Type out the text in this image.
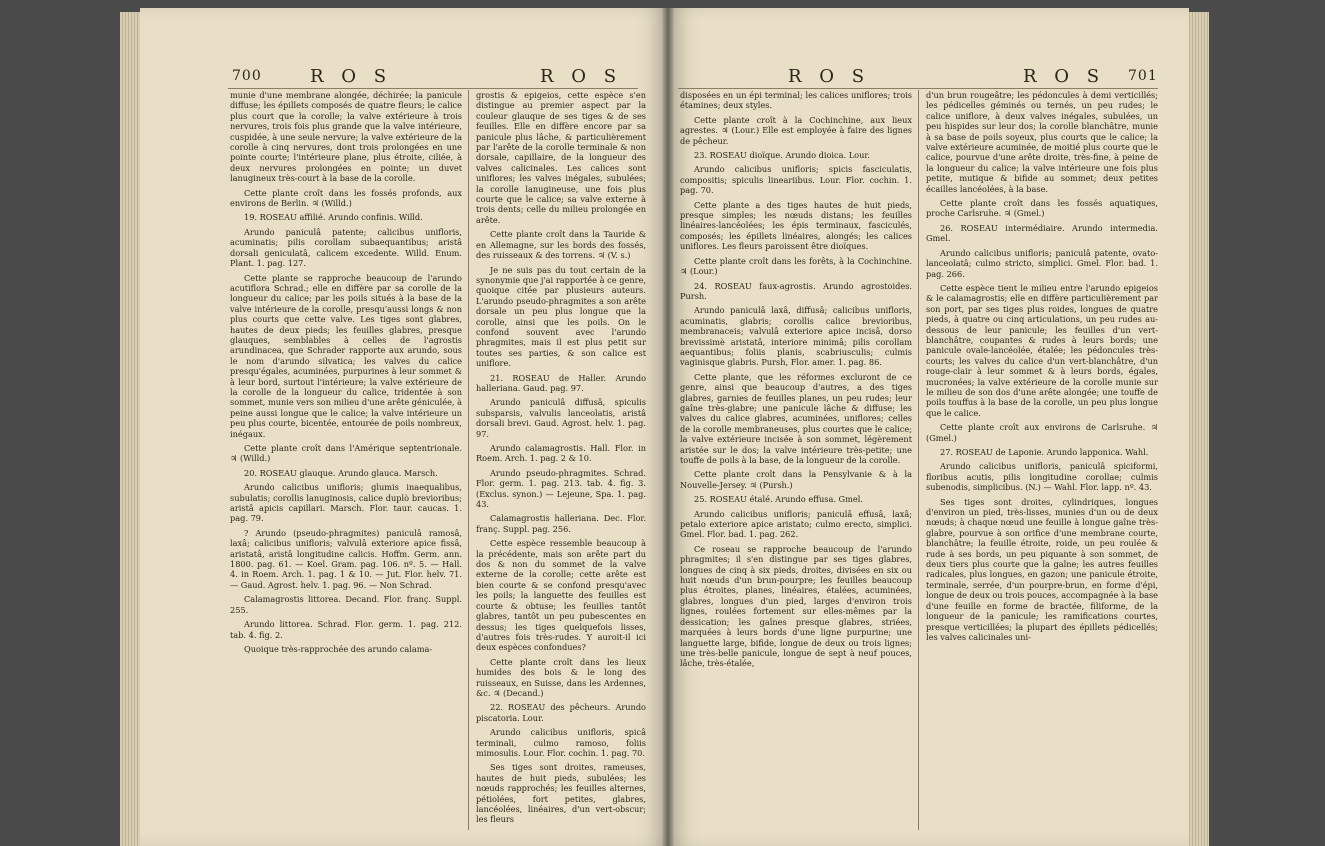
700	R O S	R O S

munie d'une membrane alongée, déchirée; la panicule diffuse; les épillets composés de quatre fleurs; le calice plus court que la corolle; la valve extérieure à trois nervures, trois fois plus grande que la valve intérieure, cuspidée, à une seule nervure; la valve extérieure de la corolle à cinq nervures, dont trois prolongées en une pointe courte; l'intérieure plane, plus étroite, ciliée, à deux nervures prolongées en pointe; un duvet lanugineux très-court à la base de la corolle.

Cette plante croît dans les fossés profonds, aux environs de Berlin. ♃ (Willd.)

19. ROSEAU affilié. Arundo confinis. Willd.

Arundo paniculâ patente; calicibus unifloris, acuminatis; pilis corollam subaequantibus; aristâ dorsali geniculatâ, calicem excedente. Willd. Enum. Plant. 1. pag. 127.

Cette plante se rapproche beaucoup de l'arundo acutiflora Schrad.; elle en diffère par sa corolle de la longueur du calice; par les poils situés à la base de la valve intérieure de la corolle, presqu'aussi longs & non plus courts que cette valve. Les tiges sont glabres, hautes de deux pieds; les feuilles glabres, presque glauques, semblables à celles de l'agrostis arundinacea, que Schrader rapporte aux arundo, sous le nom d'arundo silvatica; les valves du calice presqu'égales, acuminées, purpurines à leur sommet & à leur bord, surtout l'intérieure; la valve extérieure de la corolle de la longueur du calice, tridentée à son sommet, munie vers son milieu d'une arête géniculée, à peine aussi longue que le calice; la valve intérieure un peu plus courte, bicentée, entourée de poils nombreux, inégaux.

Cette plante croît dans l'Amérique septentrionale. ♃ (Willd.)

20. ROSEAU glauque. Arundo glauca. Marsch.

Arundo calicibus unifloris; glumis inaequalibus, subulatis; corollis lanuginosis, calice duplò brevioribus; aristâ apicis capillari. Marsch. Flor. taur. caucas. 1. pag. 79.

? Arundo (pseudo-phragmites) paniculâ ramosâ, laxâ; calicibus unifloris; valvulâ exteriore apice fissâ, aristatâ, aristâ longitudine calicis. Hoffm. Germ. ann. 1800. pag. 61. — Koel. Gram. pag. 106. nº. 5. — Hall. 4. in Roem. Arch. 1. pag. 1 & 10. — Jut. Flor. helv. 71. — Gaud. Agrost. helv. 1. pag. 96. — Non Schrad.

Calamagrostis littorea. Decand. Flor. franç. Suppl. 255.

Arundo littorea. Schrad. Flor. germ. 1. pag. 212. tab. 4. fig. 2.

Quoique très-rapprochée des arundo calama-

grostis & epigeios, cette espèce s'en distingue au premier aspect par la couleur glauque de ses tiges & de ses feuilles. Elle en diffère encore par sa panicule plus lâche, & particulièrement par l'arête de la corolle terminale & non dorsale, capillaire, de la longueur des valves calicinales. Les calices sont uniflores; les valves inégales, subulées; la corolle lanugineuse, une fois plus courte que le calice; sa valve externe à trois dents; celle du milieu prolongée en arête.

Cette plante croît dans la Tauride & en Allemagne, sur les bords des fossés, des ruisseaux & des torrens. ♃ (V. s.)

Je ne suis pas du tout certain de la synonymie que j'ai rapportée à ce genre, quoique citée par plusieurs auteurs. L'arundo pseudo-phragmites a son arête dorsale un peu plus longue que la corolle, ainsi que les poils. On le confond souvent avec l'arundo phragmites, mais il est plus petit sur toutes ses parties, & son calice est uniflore.

21. ROSEAU de Haller. Arundo halleriana. Gaud. pag. 97.

Arundo paniculâ diffusâ, spiculis subsparsis, valvulis lanceolatis, aristâ dorsali brevi. Gaud. Agrost. helv. 1. pag. 97.

Arundo calamagrostis. Hall. Flor. in Roem. Arch. 1. pag. 2 & 10.

Arundo pseudo-phragmites. Schrad. Flor. germ. 1. pag. 213. tab. 4. fig. 3. (Exclus. synon.) — Lejeune, Spa. 1. pag. 43.

Calamagrostis halleriana. Dec. Flor. franç. Suppl. pag. 256.

Cette espèce ressemble beaucoup à la précédente, mais son arête part du dos & non du sommet de la valve externe de la corolle; cette arête est bien courte & se confond presqu'avec les poils; la languette des feuilles est courte & obtuse; les feuilles tantôt glabres, tantôt un peu pubescentes en dessus; les tiges quelquefois lisses, d'autres fois très-rudes. Y auroit-il ici deux espèces confondues?

Cette plante croît dans les lieux humides des bois & le long des ruisseaux, en Suisse, dans les Ardennes, &c. ♃ (Decand.)

22. ROSEAU des pêcheurs. Arundo piscatoria. Lour.

Arundo calicibus unifloris, spicâ terminali, culmo ramoso, foliis mimosulis. Lour. Flor. cochin. 1. pag. 70.

Ses tiges sont droites, rameuses, hautes de huit pieds, subulées; les nœuds rapprochés; les feuilles alternes, pétiolées, fort petites, glabres, lancéolées, linéaires, d'un vert-obscur; les fleurs

R O S	R O S 701

disposées en un épi terminal; les calices uniflores; trois étamines; deux styles.

Cette plante croît à la Cochinchine, aux lieux agrestes. ♃ (Lour.) Elle est employée à faire des lignes de pêcheur.

23. ROSEAU dioïque. Arundo dioica. Lour.

Arundo calicibus unifloris; spicis fasciculatis, compositis; spiculis lineariibus. Lour. Flor. cochin. 1. pag. 70.

Cette plante a des tiges hautes de huit pieds, presque simples; les nœuds distans; les feuilles linéaires-lancéolées; les épis terminaux, fasciculés, composés; les épillets linéaires, alongés; les calices uniflores. Les fleurs paroissent être dioïques.

Cette plante croît dans les forêts, à la Cochinchine. ♃ (Lour.)

24. ROSEAU faux-agrostis. Arundo agrostoides. Pursh.

Arundo paniculâ laxâ, diffusâ; calicibus unifloris, acuminatis, glabris; corollis calice brevioribus, membranaceis; valvulâ exteriore apice incisâ, dorso brevissimè aristatâ, interiore minimâ; pilis corollam aequantibus; foliis planis, scabriusculis; culmis vaginisque glabris. Pursh, Flor. amer. 1. pag. 86.

Cette plante, que les réformes excluront de ce genre, ainsi que beaucoup d'autres, a des tiges glabres, garnies de feuilles planes, un peu rudes; leur gaîne très-glabre; une panicule lâche & diffuse; les valves du calice glabres, acuminées, uniflores; celles de la corolle membraneuses, plus courtes que le calice; la valve extérieure incisée à son sommet, légèrement aristée sur le dos; la valve intérieure très-petite; une touffe de poils à la base, de la longueur de la corolle.

Cette plante croît dans la Pensylvanie & à la Nouvelle-Jersey. ♃ (Pursh.)

25. ROSEAU étalé. Arundo effusa. Gmel.

Arundo calicibus unifloris; paniculâ effusâ, laxâ; petalo exteriore apice aristato; culmo erecto, simplici. Gmel. Flor. bad. 1. pag. 262.

Ce roseau se rapproche beaucoup de l'arundo phragmites; il s'en distingue par ses tiges glabres, longues de cinq à six pieds, droites, divisées en six ou huit nœuds d'un brun-pourpre; les feuilles beaucoup plus étroites, planes, linéaires, étalées, acuminées, glabres, longues d'un pied, larges d'environ trois lignes, roulées fortement sur elles-mêmes par la dessication; les gaînes presque glabres, striées, marquées à leurs bords d'une ligne purpurine; une languette large, bifide, longue de deux ou trois lignes; une très-belle panicule, longue de sept à neuf pouces, lâche, très-étalée,

d'un brun rougeâtre; les pédoncules à demi verticillés; les pédicelles géminés ou ternés, un peu rudes; le calice uniflore, à deux valves inégales, subulées, un peu hispides sur leur dos; la corolle blanchâtre, munie à sa base de poils soyeux, plus courts que le calice; la valve extérieure acuminée, de moitié plus courte que le calice, pourvue d'une arête droite, très-fine, à peine de la longueur du calice; la valve intérieure une fois plus petite, mutique & bifide au sommet; deux petites écailles lancéolées, à la base.

Cette plante croît dans les fossés aquatiques, proche Carlsruhe. ♃ (Gmel.)

26. ROSEAU intermédiaire. Arundo intermedia. Gmel.

Arundo calicibus unifloris; paniculâ patente, ovato-lanceolatâ; culmo stricto, simplici. Gmel. Flor. bad. 1. pag. 266.

Cette espèce tient le milieu entre l'arundo epigeios & le calamagrostis; elle en diffère particulièrement par son port, par ses tiges plus roides, longues de quatre pieds, à quatre ou cinq articulations, un peu rudes au-dessous de leur panicule; les feuilles d'un vert-blanchâtre, coupantes & rudes à leurs bords; une panicule ovale-lancéolée, étalée; les pédoncules très-courts; les valves du calice d'un vert-blanchâtre, d'un rouge-clair à leur sommet & à leurs bords, égales, mucronées; la valve extérieure de la corolle munie sur le milieu de son dos d'une arête alongée; une touffe de poils touffus à la base de la corolle, un peu plus longue que le calice.

Cette plante croît aux environs de Carlsruhe. ♃ (Gmel.)

27. ROSEAU de Laponie. Arundo lapponica. Wahl.

Arundo calicibus unifloris, paniculâ spiciformi, floribus acutis, pilis longitudine corollae; culmis subenodis, simplicibus. (N.) — Wahl. Flor. lapp. nº. 43.

Ses tiges sont droites, cylindriques, longues d'environ un pied, très-lisses, munies d'un ou de deux nœuds; à chaque nœud une feuille à longue gaîne très-glabre, pourvue à son orifice d'une membrane courte, blanchâtre; la feuille étroite, roide, un peu roulée & rude à ses bords, un peu piquante à son sommet, de deux tiers plus courte que la gaîne; les autres feuilles radicales, plus longues, en gazon; une panicule étroite, terminale, serrée, d'un pourpre-brun, en forme d'épi, longue de deux ou trois pouces, accompagnée à la base d'une feuille en forme de bractée, filiforme, de la longueur de la panicule; les ramifications courtes, presque verticillées; la plupart des épillets pédicellés; les valves calicinales uni-
